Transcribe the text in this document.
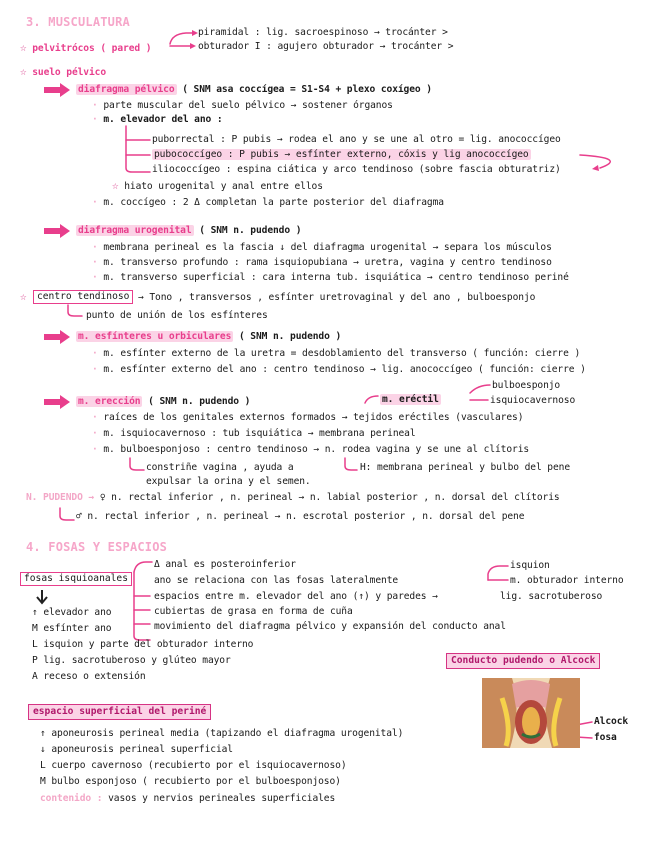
3. MUSCULATURA
☆ pelvitrócos ( pared )
piramidal : lig. sacroespinoso → trocánter >
obturador I : agujero obturador → trocánter >
☆ suelo pélvico
diafragma pélvico ( SNM asa coccígea = S1-S4 + plexo coxígeo )
· parte muscular del suelo pélvico → sostener órganos
· m. elevador del ano :
puborrectal : P pubis → rodea el ano y se une al otro = lig. anococcígeo
pubococcígeo : P pubis → esfínter externo, cóxis y lig anococcígeo
iliococcígeo : espina ciática y arco tendinoso (sobre fascia obturatriz)
☆ hiato urogenital y anal entre ellos
· m. coccígeo : 2 Δ completan la parte posterior del diafragma
diafragma urogenital ( SNM n. pudendo )
· membrana perineal es la fascia ↓ del diafragma urogenital → separa los músculos
· m. transverso profundo : rama isquiopubiana → uretra, vagina y centro tendinoso
· m. transverso superficial : cara interna tub. isquiática → centro tendinoso periné
☆	centro tendinoso → Tono , transversos , esfínter uretrovaginal y del ano , bulboesponjo
punto de unión de los esfínteres
m. esfínteres u orbiculares ( SNM n. pudendo )
· m. esfínter externo de la uretra = desdoblamiento del transverso ( función: cierre )
· m. esfínter externo del ano : centro tendinoso → lig. anococcígeo ( función: cierre )
m. erección ( SNM n. pudendo )	m. eréctil
bulboesponjo
isquiocavernoso
· raíces de los genitales externos formados → tejidos eréctiles (vasculares)
· m. isquiocavernoso : tub isquiática → membrana perineal
· m. bulboesponjoso : centro tendinoso → n. rodea vagina y se une al clítoris
constriñe vagina , ayuda a	H: membrana perineal y bulbo del pene
expulsar la orina y el semen.
N. PUDENDO → ♀ n. rectal inferior , n. perineal → n. labial posterior , n. dorsal del clítoris
♂ n. rectal inferior , n. perineal → n. escrotal posterior , n. dorsal del pene
4. FOSAS Y ESPACIOS
fosas isquioanales
Δ anal es posteroinferior
ano se relaciona con las fosas lateralmente
espacios entre m. elevador del ano (↑) y paredes →
cubiertas de grasa en forma de cuña
movimiento del diafragma pélvico y expansión del conducto anal
isquion
m. obturador interno
lig. sacrotuberoso
↑ elevador ano
M esfínter ano
L isquion y parte del obturador interno
P lig. sacrotuberoso y glúteo mayor
A receso o extensión
Conducto pudendo o Alcock
Alcock
fosa
espacio superficial del periné
↑ aponeurosis perineal media (tapizando el diafragma urogenital)
↓ aponeurosis perineal superficial
L cuerpo cavernoso (recubierto por el isquiocavernoso)
M bulbo esponjoso ( recubierto por el bulboesponjoso)
contenido : vasos y nervios perineales superficiales
